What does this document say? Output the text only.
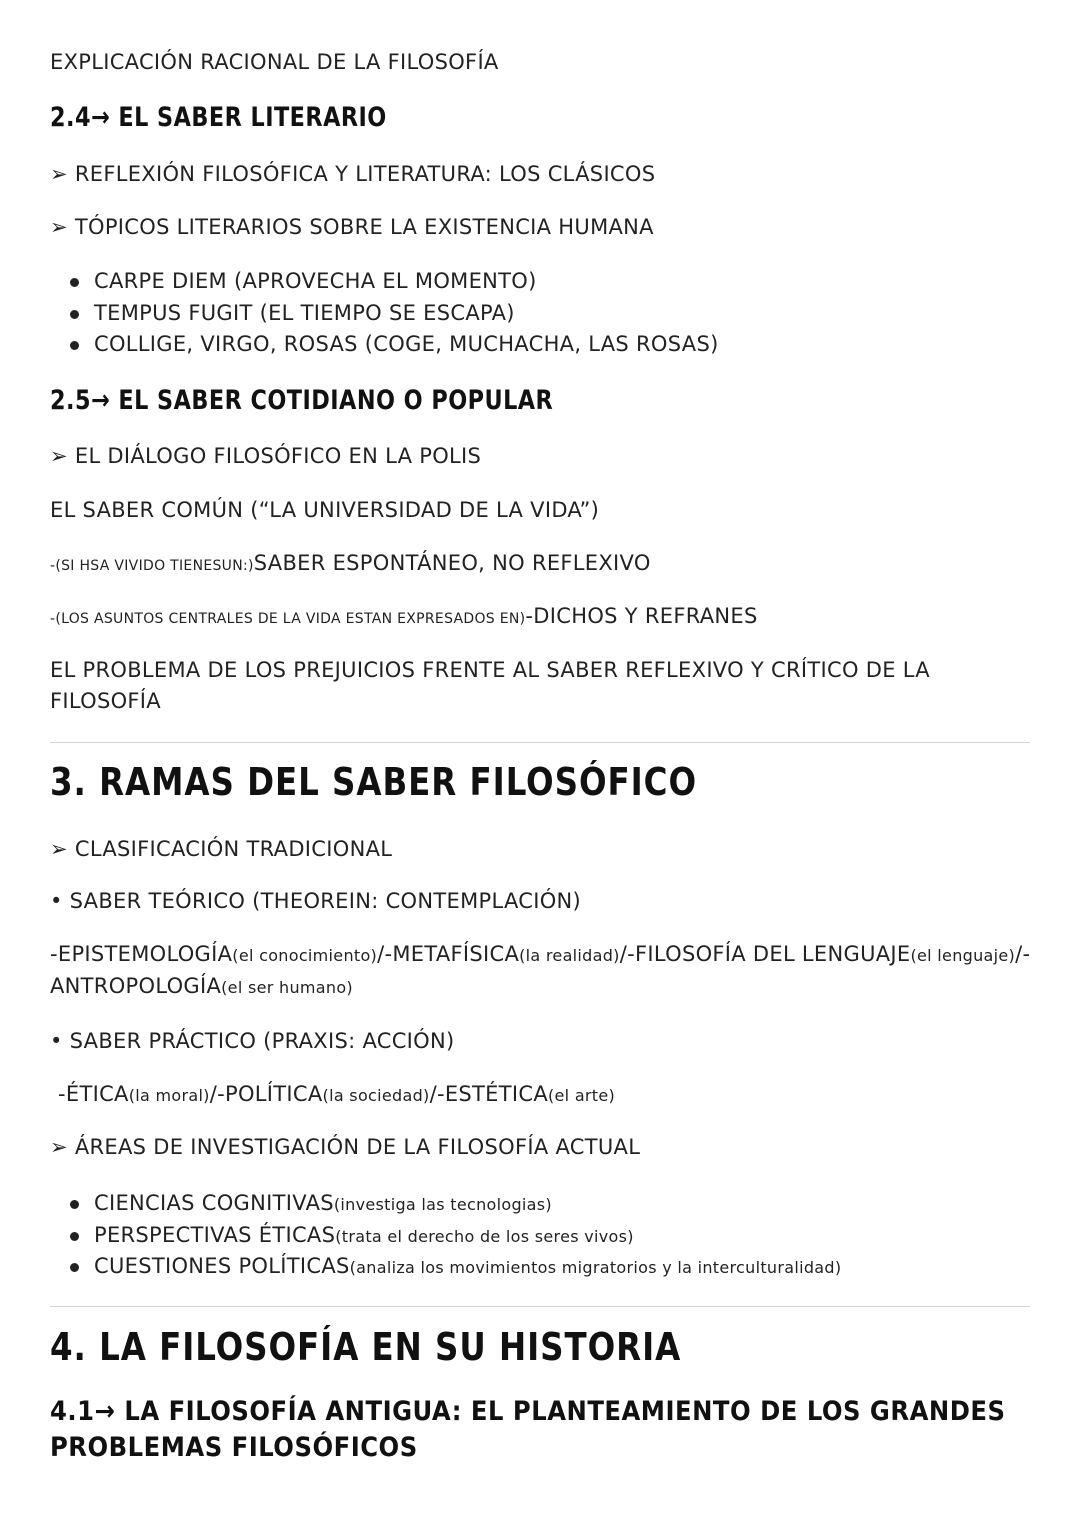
EXPLICACIÓN RACIONAL DE LA FILOSOFÍA
2.4→ EL SABER LITERARIO
➢ REFLEXIÓN FILOSÓFICA Y LITERATURA: LOS CLÁSICOS
➢ TÓPICOS LITERARIOS SOBRE LA EXISTENCIA HUMANA
CARPE DIEM (APROVECHA EL MOMENTO)
TEMPUS FUGIT (EL TIEMPO SE ESCAPA)
COLLIGE, VIRGO, ROSAS (COGE, MUCHACHA, LAS ROSAS)
2.5→ EL SABER COTIDIANO O POPULAR
➢ EL DIÁLOGO FILOSÓFICO EN LA POLIS
EL SABER COMÚN (“LA UNIVERSIDAD DE LA VIDA”)
-(SI HSA VIVIDO TIENESUN:)SABER ESPONTÁNEO, NO REFLEXIVO
-(LOS ASUNTOS CENTRALES DE LA VIDA ESTAN EXPRESADOS EN)-DICHOS Y REFRANES
EL PROBLEMA DE LOS PREJUICIOS FRENTE AL SABER REFLEXIVO Y CRÍTICO DE LA FILOSOFÍA
3. RAMAS DEL SABER FILOSÓFICO
➢ CLASIFICACIÓN TRADICIONAL
• SABER TEÓRICO (THEOREIN: CONTEMPLACIÓN)
-EPISTEMOLOGÍA(el conocimiento)/-METAFÍSICA(la realidad)/-FILOSOFÍA DEL LENGUAJE(el lenguaje)/-
ANTROPOLOGÍA(el ser humano)
• SABER PRÁCTICO (PRAXIS: ACCIÓN)
-ÉTICA(la moral)/-POLÍTICA(la sociedad)/-ESTÉTICA(el arte)
➢ ÁREAS DE INVESTIGACIÓN DE LA FILOSOFÍA ACTUAL
CIENCIAS COGNITIVAS(investiga las tecnologias)
PERSPECTIVAS ÉTICAS(trata el derecho de los seres vivos)
CUESTIONES POLÍTICAS(analiza los movimientos migratorios y la interculturalidad)
4. LA FILOSOFÍA EN SU HISTORIA
4.1→ LA FILOSOFÍA ANTIGUA: EL PLANTEAMIENTO DE LOS GRANDES PROBLEMAS FILOSÓFICOS
